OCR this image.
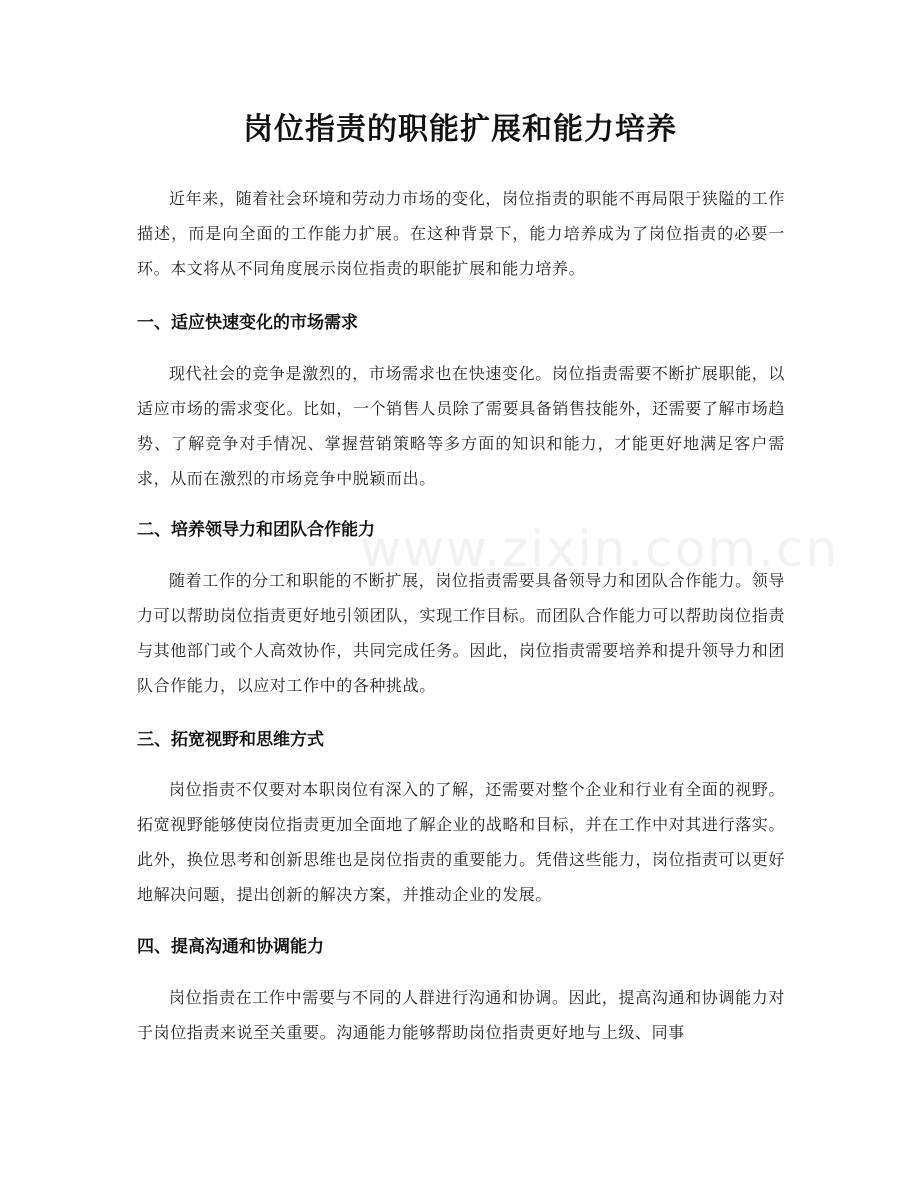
岗位指责的职能扩展和能力培养
近年来，随着社会环境和劳动力市场的变化，岗位指责的职能不再局限于狭隘的工作描述，而是向全面的工作能力扩展。在这种背景下，能力培养成为了岗位指责的必要一环。本文将从不同角度展示岗位指责的职能扩展和能力培养。
一、适应快速变化的市场需求
现代社会的竞争是激烈的，市场需求也在快速变化。岗位指责需要不断扩展职能，以适应市场的需求变化。比如，一个销售人员除了需要具备销售技能外，还需要了解市场趋势、了解竞争对手情况、掌握营销策略等多方面的知识和能力，才能更好地满足客户需求，从而在激烈的市场竞争中脱颖而出。
二、培养领导力和团队合作能力
随着工作的分工和职能的不断扩展，岗位指责需要具备领导力和团队合作能力。领导力可以帮助岗位指责更好地引领团队，实现工作目标。而团队合作能力可以帮助岗位指责与其他部门或个人高效协作，共同完成任务。因此，岗位指责需要培养和提升领导力和团队合作能力，以应对工作中的各种挑战。
三、拓宽视野和思维方式
岗位指责不仅要对本职岗位有深入的了解，还需要对整个企业和行业有全面的视野。拓宽视野能够使岗位指责更加全面地了解企业的战略和目标，并在工作中对其进行落实。此外，换位思考和创新思维也是岗位指责的重要能力。凭借这些能力，岗位指责可以更好地解决问题，提出创新的解决方案，并推动企业的发展。
四、提高沟通和协调能力
岗位指责在工作中需要与不同的人群进行沟通和协调。因此，提高沟通和协调能力对于岗位指责来说至关重要。沟通能力能够帮助岗位指责更好地与上级、同事
www.zixin.com.cn
